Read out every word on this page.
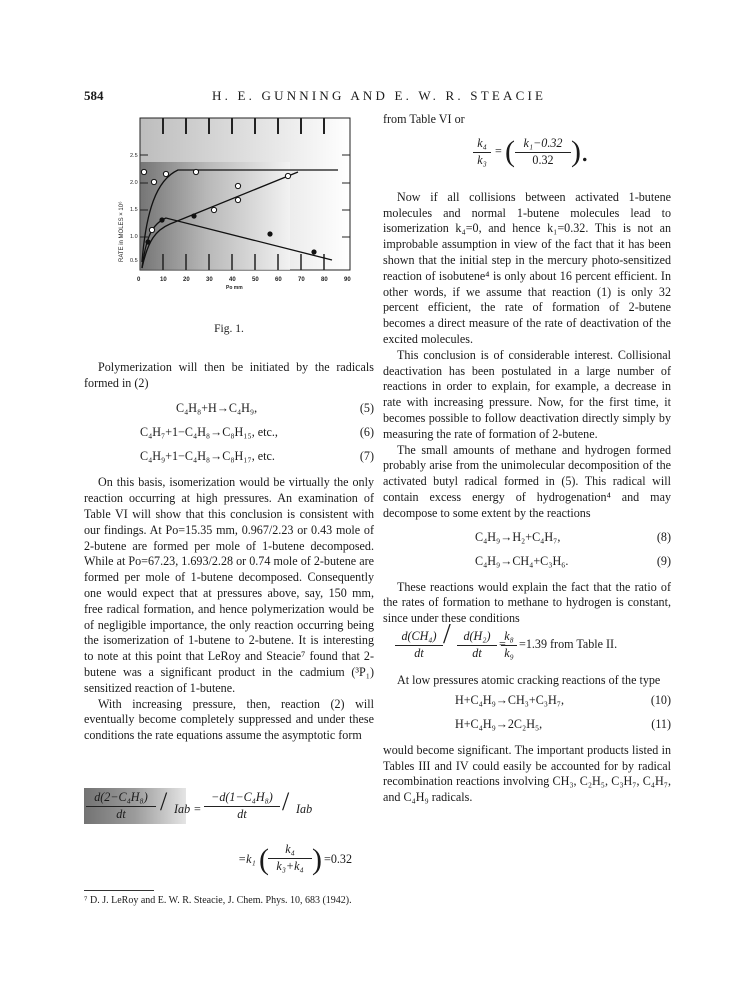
584	H. E. GUNNING AND E. W. R. STEACIE
2.5
2.0
1.5
1.0
0.5
0	10	20	30	40	50	60	70	80	90
Po mm
RATE in MOLES × 10⁶

Fig. 1.

Polymerization will then be initiated by the radicals formed in (2)

C₄H₈+H→C₄H₉,	(5)
C₄H₇+1−C₄H₈→C₈H₁₅, etc.,	(6)
C₄H₉+1−C₄H₈→C₈H₁₇, etc.	(7)

On this basis, isomerization would be virtually the only reaction occurring at high pressures. An examination of Table VI will show that this conclusion is consistent with our findings. At Po=15.35 mm, 0.967/2.23 or 0.43 mole of 2-butene are formed per mole of 1-butene decomposed. While at Po=67.23, 1.693/2.28 or 0.74 mole of 2-butene are formed per mole of 1-butene decomposed. Consequently one would expect that at pressures above, say, 150 mm, free radical formation, and hence polymerization would be of negligible importance, the only reaction occurring being the isomerization of 1-butene to 2-butene. It is interesting to note at this point that LeRoy and Steacie⁷ found that 2-butene was a significant product in the cadmium (³P₁) sensitized reaction of 1-butene.

With increasing pressure, then, reaction (2) will eventually become completely suppressed and under these conditions the rate equations assume the asymptotic form

$\frac{\text{d(2−C₄H₈)}}{dt}$ / Iab = $\frac{\text{−d(1−C₄H₈)}}{dt}$ / Iab
=k₁ ( $\frac{\text{k₄}}{\text{k₃+k₄}}$ ) =0.32

⁷ D. J. LeRoy and E. W. R. Steacie, J. Chem. Phys. 10, 683 (1942).

from Table VI or

$\frac{\text{k₄}}{\text{k₃}}$ = ( $\frac{\text{k₁−0.32}}{0.32}$ ).

Now if all collisions between activated 1-butene molecules and normal 1-butene molecules lead to isomerization k₄=0, and hence k₁=0.32. This is not an improbable assumption in view of the fact that it has been shown that the initial step in the mercury photo-sensitized reaction of isobutene⁴ is only about 16 percent efficient. In other words, if we assume that reaction (1) is only 32 percent efficient, the rate of formation of 2-butene becomes a direct measure of the rate of deactivation of the excited molecules.

This conclusion is of considerable interest. Collisional deactivation has been postulated in a large number of reactions in order to explain, for example, a decrease in rate with increasing pressure. Now, for the first time, it becomes possible to follow deactivation directly simply by measuring the rate of formation of 2-butene.

The small amounts of methane and hydrogen formed probably arise from the unimolecular decomposition of the activated butyl radical formed in (5). This radical will contain excess energy of hydrogenation⁴ and may decompose to some extent by the reactions

C₄H₉→H₂+C₄H₇,	(8)
C₄H₉→CH₄+C₃H₆.	(9)

These reactions would explain the fact that the ratio of the rates of formation to methane to hydrogen is constant, since under these conditions

$\frac{\text{d(CH₄)}}{dt} / \frac{\text{d(H₂)}}{dt} \frac{\text{k₈}}{\text{k₉}}$
= =1.39 from Table II.

At low pressures atomic cracking reactions of the type

H+C₄H₉→CH₃+C₃H₇,	(10)
H+C₄H₉→2C₂H₅,	(11)

would become significant. The important products listed in Tables III and IV could easily be accounted for by radical recombination reactions involving CH₃, C₂H₅, C₃H₇, C₄H₇, and C₄H₉ radicals.
